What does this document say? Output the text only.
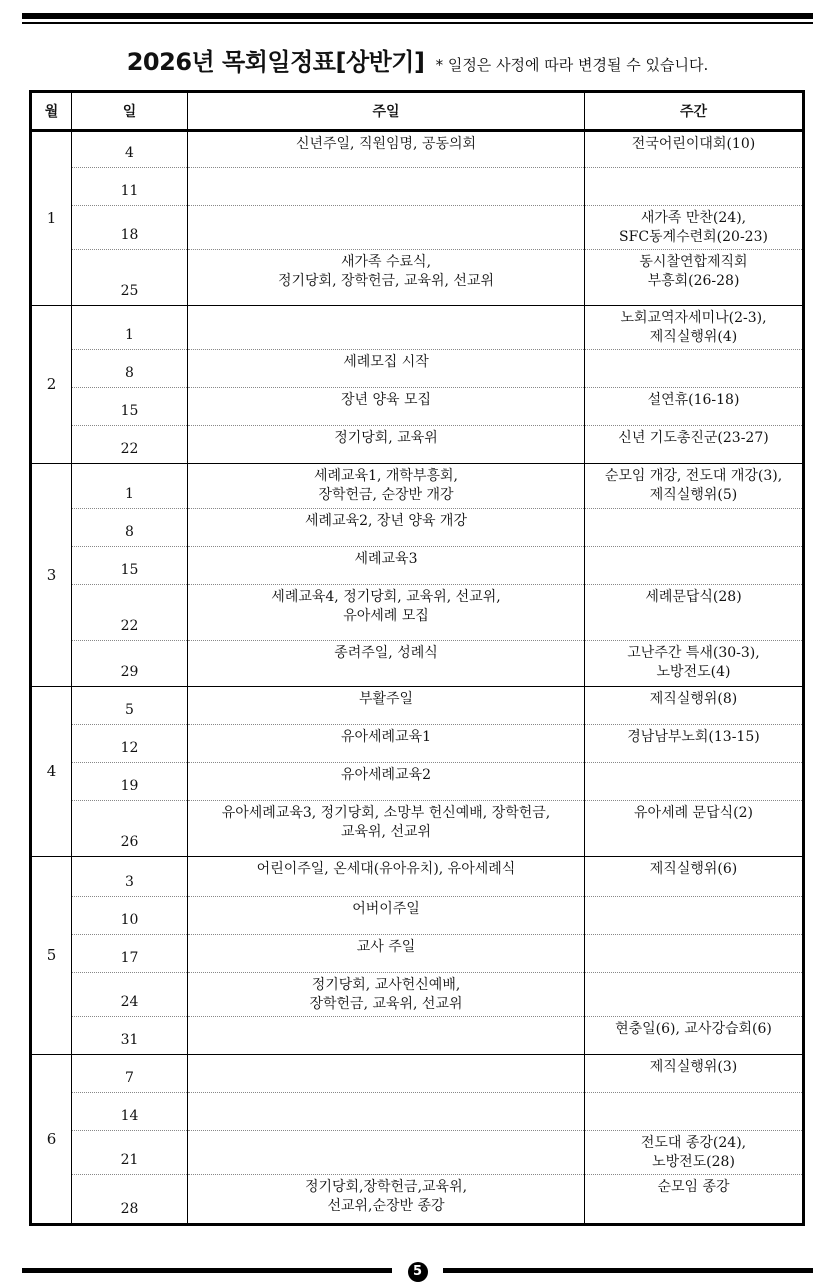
2026년 목회일정표[상반기] * 일정은 사정에 따라 변경될 수 있습니다.
월	일	주일	주간
1	4	신년주일, 직원임명, 공동의회	전국어린이대회(10)
	11		
	18		새가족 만찬(24),
SFC동계수련회(20-23)
	25	새가족 수료식,
정기당회, 장학헌금, 교육위, 선교위	동시찰연합제직회
부흥회(26-28)
2	1		노회교역자세미나(2-3),
제직실행위(4)
	8	세례모집 시작	
	15	장년 양육 모집	설연휴(16-18)
	22	정기당회, 교육위	신년 기도총진군(23-27)
3	1	세례교육1, 개학부흥회,
장학헌금, 순장반 개강	순모임 개강, 전도대 개강(3),
제직실행위(5)
	8	세례교육2, 장년 양육 개강	
	15	세례교육3	
	22	세례교육4, 정기당회, 교육위, 선교위,
유아세례 모집	세례문답식(28)
	29	종려주일, 성례식	고난주간 특새(30-3),
노방전도(4)
4	5	부활주일	제직실행위(8)
	12	유아세례교육1	경남남부노회(13-15)
	19	유아세례교육2	
	26	유아세례교육3, 정기당회, 소망부 헌신예배, 장학헌금,
교육위, 선교위	유아세례 문답식(2)
5	3	어린이주일, 온세대(유아유치), 유아세례식	제직실행위(6)
	10	어버이주일	
	17	교사 주일	
	24	정기당회, 교사헌신예배,
장학헌금, 교육위, 선교위	
	31		현충일(6), 교사강습회(6)
6	7		제직실행위(3)
	14		
	21		전도대 종강(24),
노방전도(28)
	28	정기당회,장학헌금,교육위,
선교위,순장반 종강	순모임 종강
5
